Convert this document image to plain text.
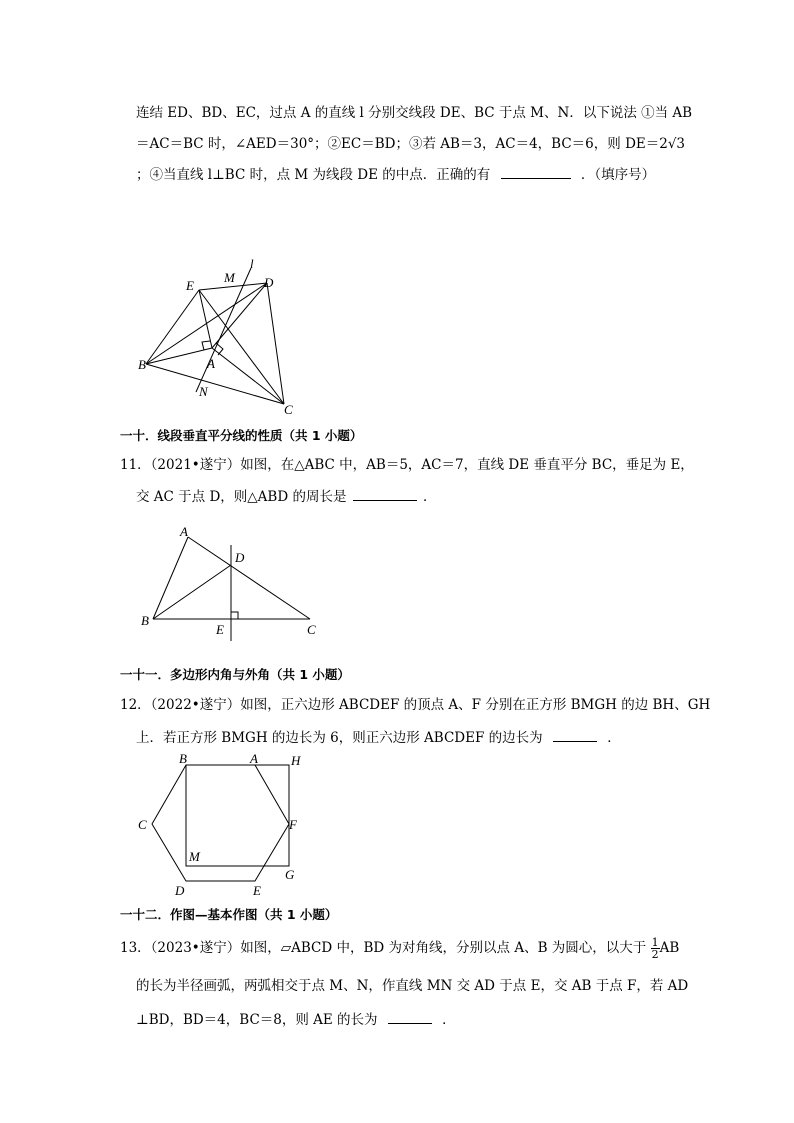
连结 ED、BD、EC，过点 A 的直线 l 分别交线段 DE、BC 于点 M、N．以下说法 ①当 AB
＝AC＝BC 时，∠AED＝30°；②EC＝BD；③若 AB＝3，AC＝4，BC＝6，则 DE＝2√3
；④当直线 l⊥BC 时，点 M 为线段 DE 的中点．正确的有	．（填序号）
E
M
l
D
B	A
N
C
一十．线段垂直平分线的性质（共 1 小题）
11．（2021•遂宁）如图，在△ABC 中，AB＝5，AC＝7，直线 DE 垂直平分 BC，垂足为 E，
交 AC 于点 D，则△ABD 的周长是	．
A
D
B
E	C
一十一．多边形内角与外角（共 1 小题）
12．（2022•遂宁）如图，正六边形 ABCDEF 的顶点 A、F 分别在正方形 BMGH 的边 BH、GH
上．若正方形 BMGH 的边长为 6，则正六边形 ABCDEF 的边长为	．
B	A	H
C	F
M
D	E
G
一十二．作图—基本作图（共 1 小题）
13．（2023•遂宁）如图，▱ABCD 中，BD 为对角线，分别以点 A、B 为圆心，以大于 $\frac{1}{2}$ AB
的长为半径画弧，两弧相交于点 M、N，作直线 MN 交 AD 于点 E，交 AB 于点 F，若 AD
⊥BD，BD＝4，BC＝8，则 AE 的长为	．
